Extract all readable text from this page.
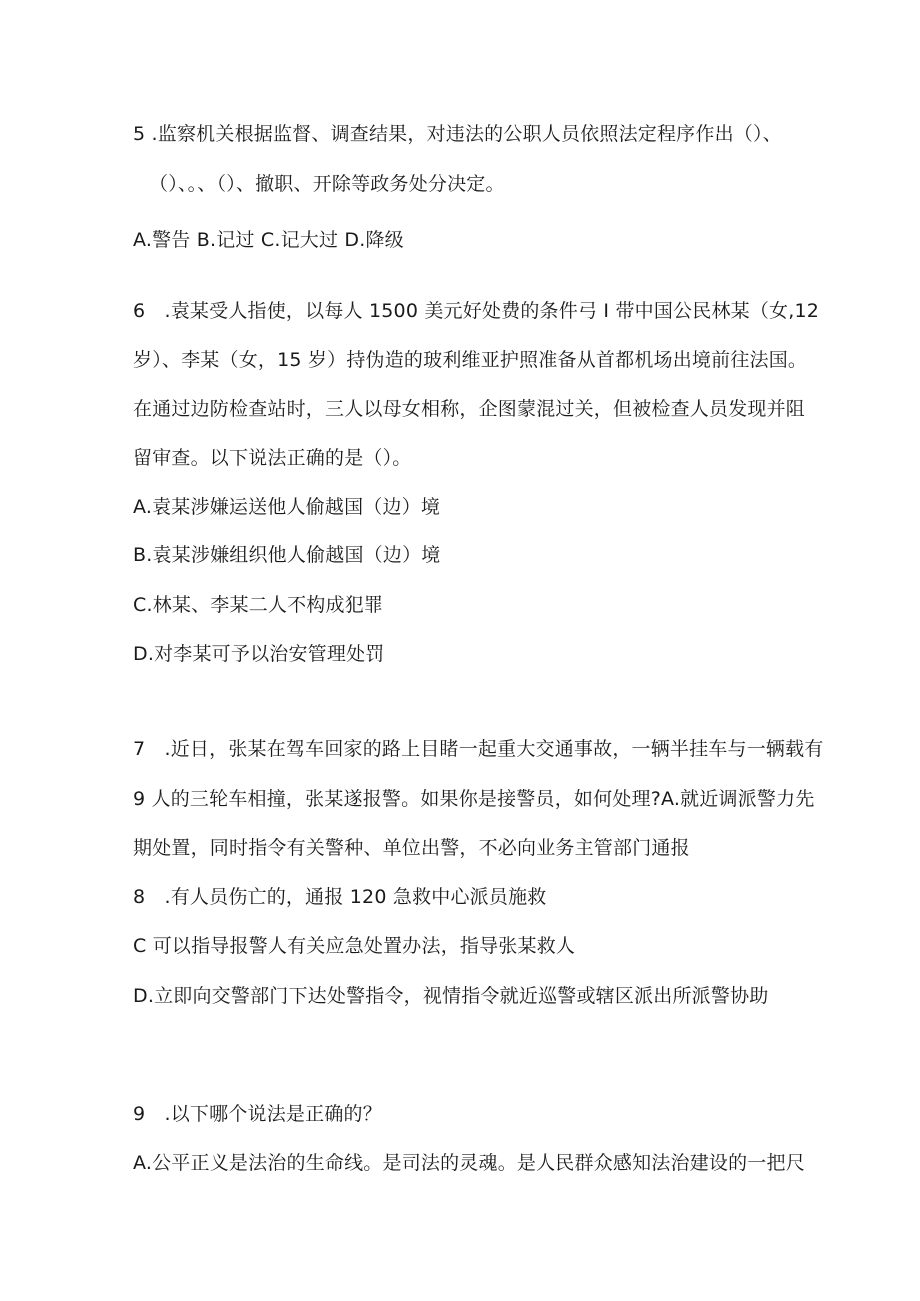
5 .监察机关根据监督、调查结果，对违法的公职人员依照法定程序作出（）、
（）、。、（）、撤职、开除等政务处分决定。
A.警告 B.记过 C.记大过 D.降级
6　.袁某受人指使，以每人 1500 美元好处费的条件弓 I 带中国公民林某（女,12
岁）、李某（女，15 岁）持伪造的玻利维亚护照准备从首都机场出境前往法国。
在通过边防检查站时，三人以母女相称，企图蒙混过关，但被检查人员发现并阻
留审查。以下说法正确的是（）。
A.袁某涉嫌运送他人偷越国（边）境
B.袁某涉嫌组织他人偷越国（边）境
C.林某、李某二人不构成犯罪
D.对李某可予以治安管理处罚
7　.近日，张某在驾车回家的路上目睹一起重大交通事故，一辆半挂车与一辆载有
9 人的三轮车相撞，张某遂报警。如果你是接警员，如何处理?A.就近调派警力先
期处置，同时指令有关警种、单位出警，不必向业务主管部门通报
8　.有人员伤亡的，通报 120 急救中心派员施救
C 可以指导报警人有关应急处置办法，指导张某救人
D.立即向交警部门下达处警指令，视情指令就近巡警或辖区派出所派警协助
9　.以下哪个说法是正确的？
A.公平正义是法治的生命线。是司法的灵魂。是人民群众感知法治建设的一把尺
